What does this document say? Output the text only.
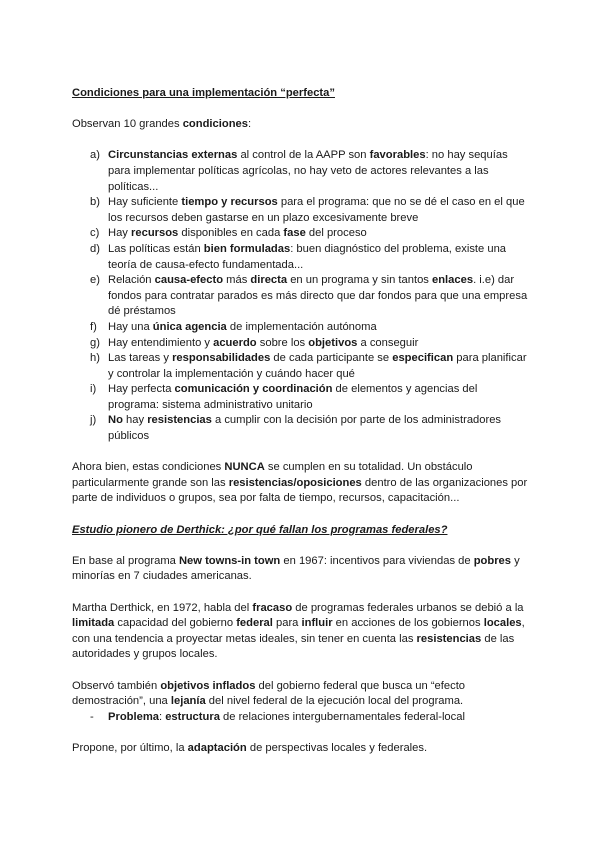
Condiciones para una implementación “perfecta”

Observan 10 grandes condiciones:

a) Circunstancias externas al control de la AAPP son favorables: no hay sequías para implementar políticas agrícolas, no hay veto de actores relevantes a las políticas...
b) Hay suficiente tiempo y recursos para el programa: que no se dé el caso en el que los recursos deben gastarse en un plazo excesivamente breve
c) Hay recursos disponibles en cada fase del proceso
d) Las políticas están bien formuladas: buen diagnóstico del problema, existe una teoría de causa-efecto fundamentada...
e) Relación causa-efecto más directa en un programa y sin tantos enlaces. i.e) dar fondos para contratar parados es más directo que dar fondos para que una empresa dé préstamos
f) Hay una única agencia de implementación autónoma
g) Hay entendimiento y acuerdo sobre los objetivos a conseguir
h) Las tareas y responsabilidades de cada participante se especifican para planificar y controlar la implementación y cuándo hacer qué
i) Hay perfecta comunicación y coordinación de elementos y agencias del programa: sistema administrativo unitario
j) No hay resistencias a cumplir con la decisión por parte de los administradores públicos

Ahora bien, estas condiciones NUNCA se cumplen en su totalidad. Un obstáculo particularmente grande son las resistencias/oposiciones dentro de las organizaciones por parte de individuos o grupos, sea por falta de tiempo, recursos, capacitación...

Estudio pionero de Derthick: ¿por qué fallan los programas federales?

En base al programa New towns-in town en 1967: incentivos para viviendas de pobres y minorías en 7 ciudades americanas.

Martha Derthick, en 1972, habla del fracaso de programas federales urbanos se debió a la limitada capacidad del gobierno federal para influir en acciones de los gobiernos locales, con una tendencia a proyectar metas ideales, sin tener en cuenta las resistencias de las autoridades y grupos locales.

Observó también objetivos inflados del gobierno federal que busca un “efecto demostración”, una lejanía del nivel federal de la ejecución local del programa.

- Problema: estructura de relaciones intergubernamentales federal-local

Propone, por último, la adaptación de perspectivas locales y federales.
